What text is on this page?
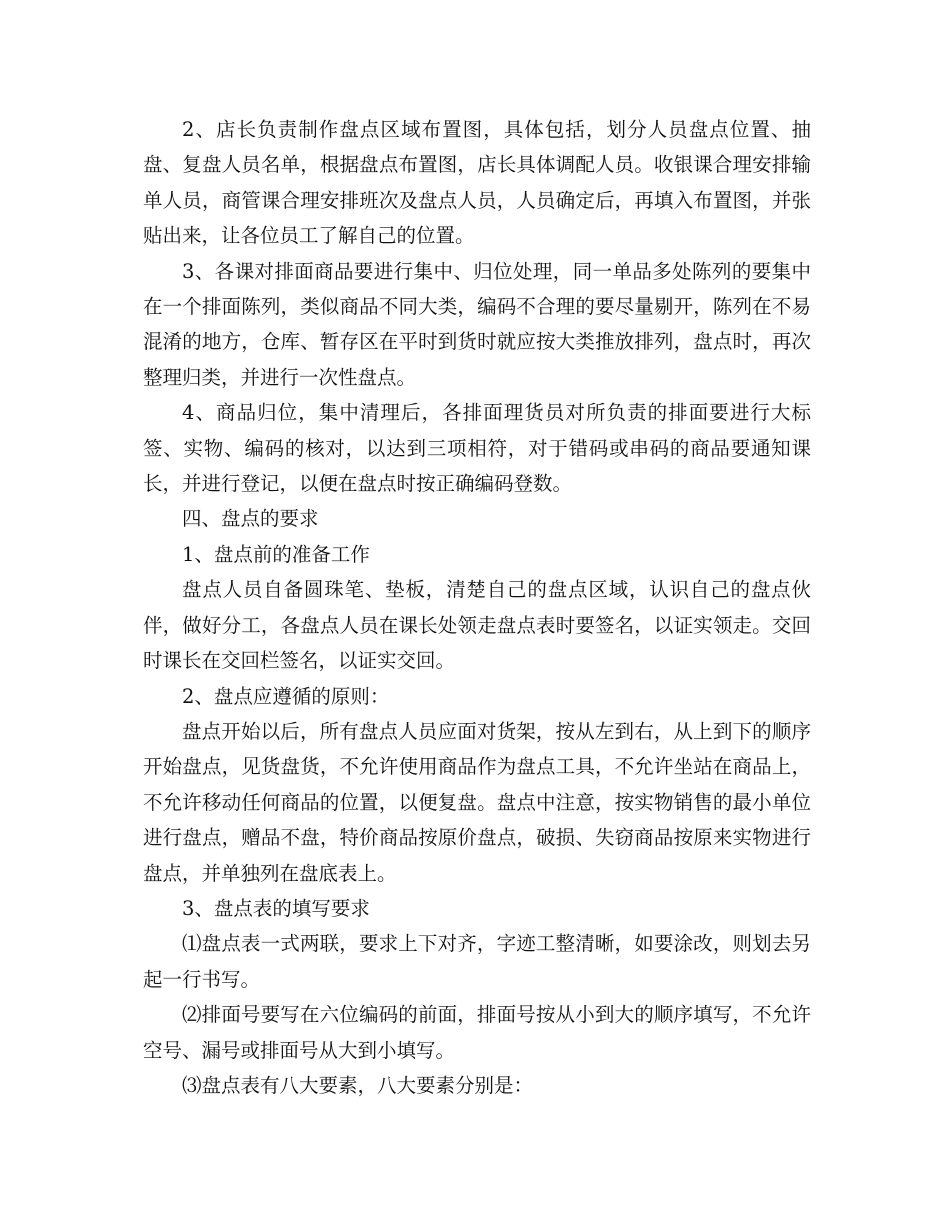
2、店长负责制作盘点区域布置图，具体包括，划分人员盘点位置、抽盘、复盘人员名单，根据盘点布置图，店长具体调配人员。收银课合理安排输单人员，商管课合理安排班次及盘点人员，人员确定后，再填入布置图，并张贴出来，让各位员工了解自己的位置。

3、各课对排面商品要进行集中、归位处理，同一单品多处陈列的要集中在一个排面陈列，类似商品不同大类，编码不合理的要尽量剔开，陈列在不易混淆的地方，仓库、暂存区在平时到货时就应按大类推放排列，盘点时，再次整理归类，并进行一次性盘点。

4、商品归位，集中清理后，各排面理货员对所负责的排面要进行大标签、实物、编码的核对，以达到三项相符，对于错码或串码的商品要通知课长，并进行登记，以便在盘点时按正确编码登数。

四、盘点的要求

1、盘点前的准备工作

盘点人员自备圆珠笔、垫板，清楚自己的盘点区域，认识自己的盘点伙伴，做好分工，各盘点人员在课长处领走盘点表时要签名，以证实领走。交回时课长在交回栏签名，以证实交回。

2、盘点应遵循的原则：

盘点开始以后，所有盘点人员应面对货架，按从左到右，从上到下的顺序开始盘点，见货盘货，不允许使用商品作为盘点工具，不允许坐站在商品上，不允许移动任何商品的位置，以便复盘。盘点中注意，按实物销售的最小单位进行盘点，赠品不盘，特价商品按原价盘点，破损、失窃商品按原来实物进行盘点，并单独列在盘底表上。

3、盘点表的填写要求

⑴盘点表一式两联，要求上下对齐，字迹工整清晰，如要涂改，则划去另起一行书写。

⑵排面号要写在六位编码的前面，排面号按从小到大的顺序填写，不允许空号、漏号或排面号从大到小填写。

⑶盘点表有八大要素，八大要素分别是：
